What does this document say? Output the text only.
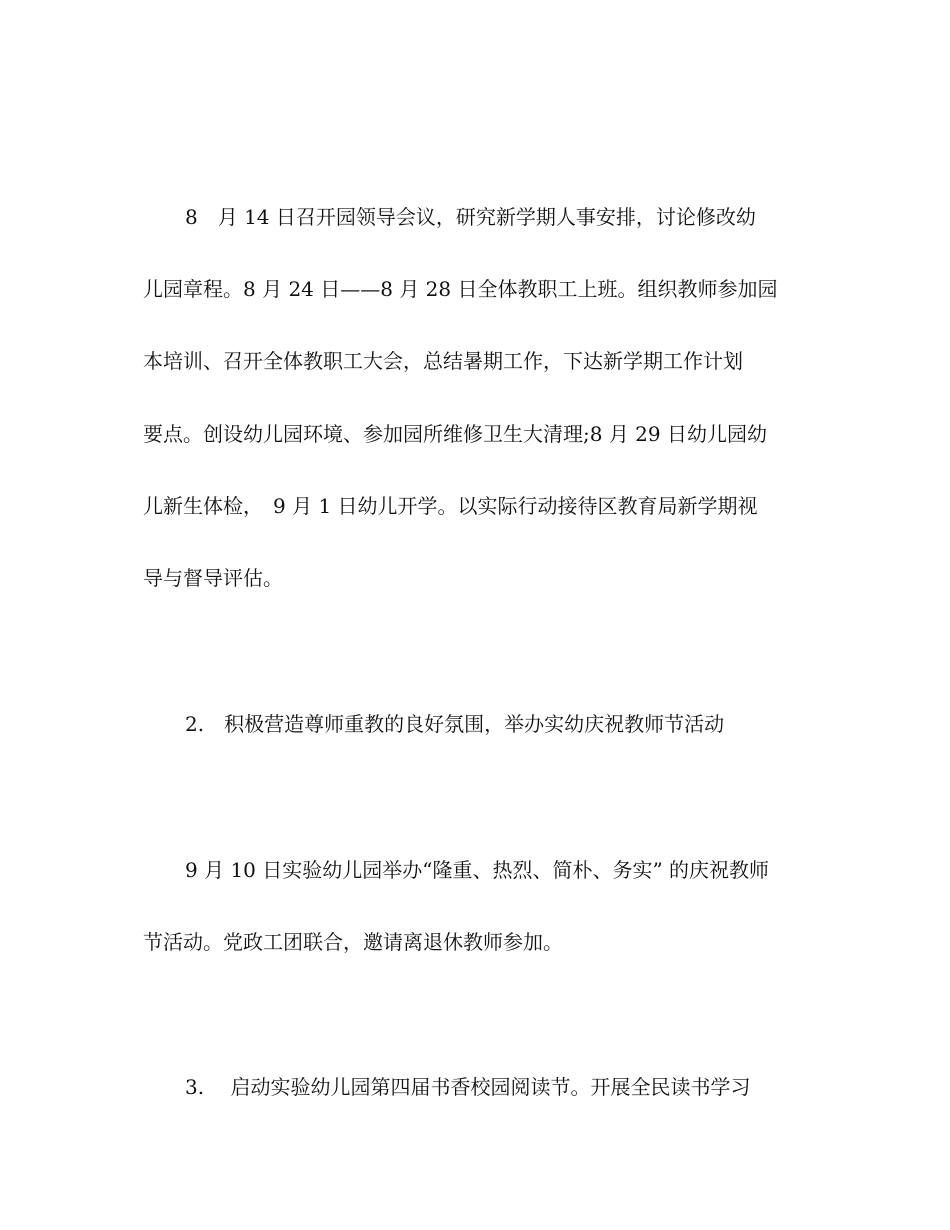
8　月 14 日召开园领导会议，研究新学期人事安排，讨论修改幼
儿园章程。8 月 24 日——8 月 28 日全体教职工上班。组织教师参加园
本培训、召开全体教职工大会，总结暑期工作，下达新学期工作计划
要点。创设幼儿园环境、参加园所维修卫生大清理;8 月 29 日幼儿园幼
儿新生体检，　9 月 1 日幼儿开学。以实际行动接待区教育局新学期视
导与督导评估。
2.　积极营造尊师重教的良好氛围，举办实幼庆祝教师节活动
9 月 10 日实验幼儿园举办“隆重、热烈、简朴、务实” 的庆祝教师
节活动。党政工团联合，邀请离退休教师参加。
3.　 启动实验幼儿园第四届书香校园阅读节。开展全民读书学习
